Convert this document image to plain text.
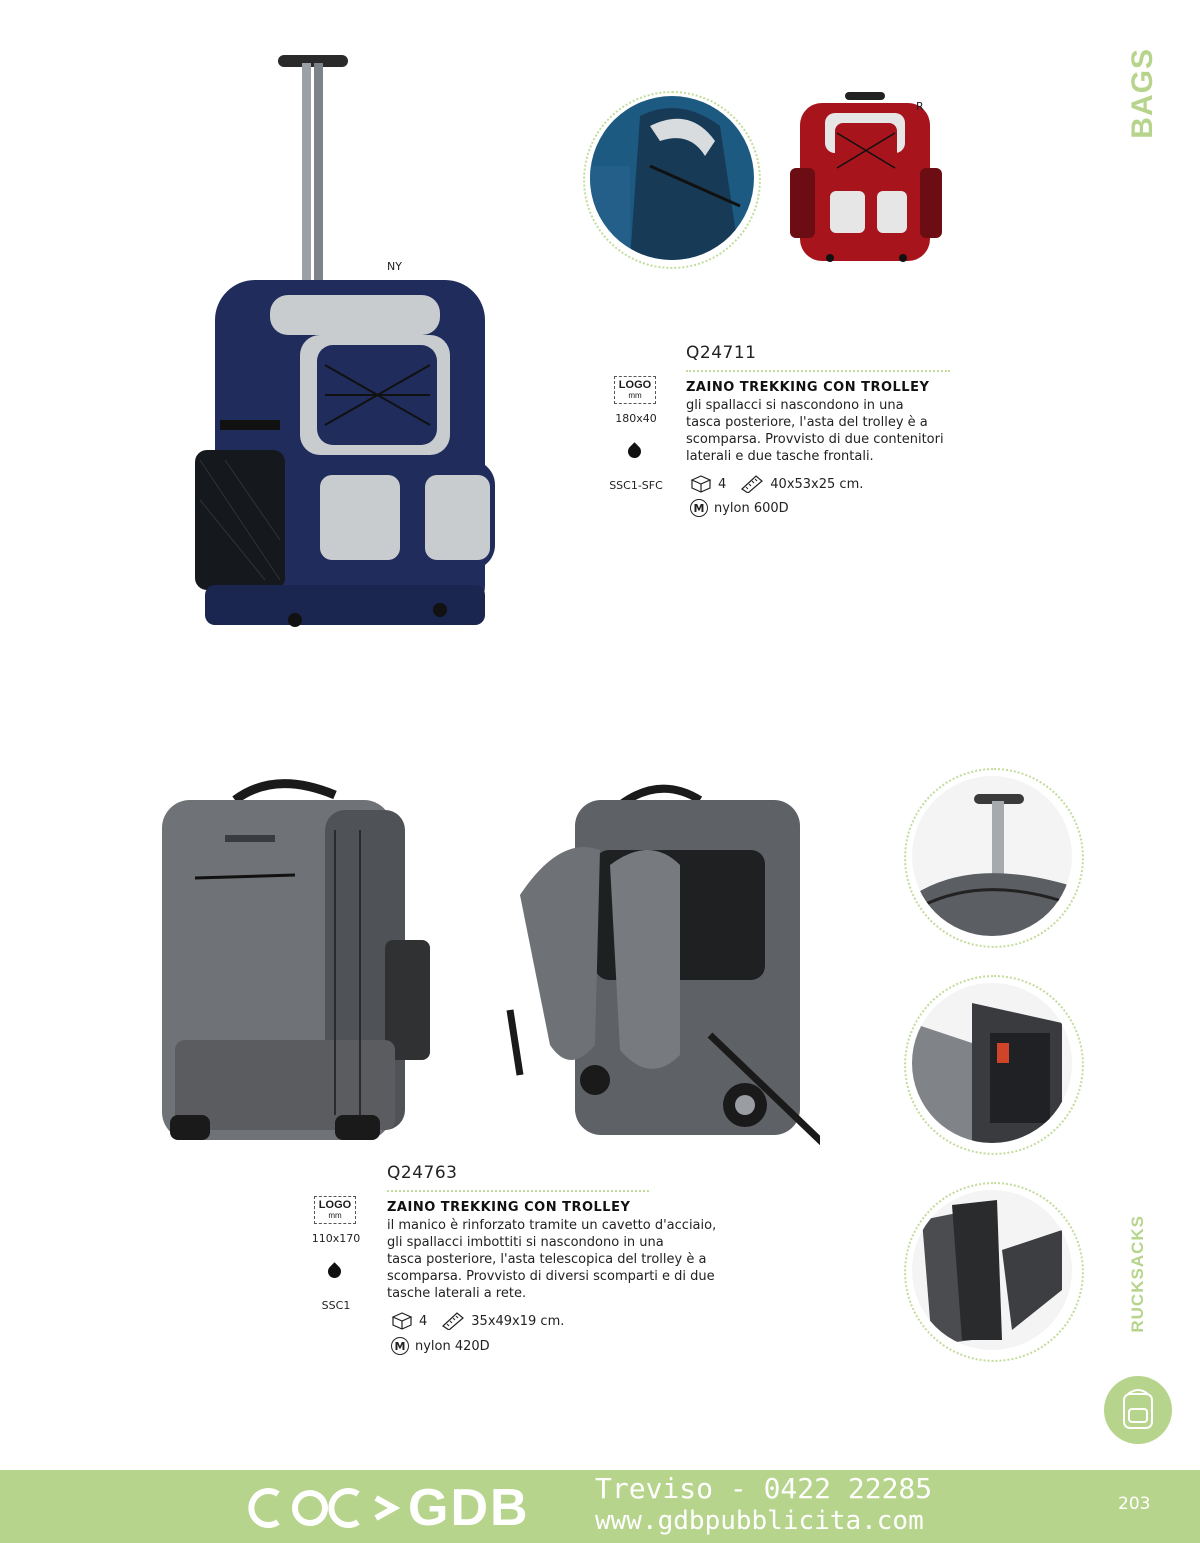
BAGS
RUCKSACKS
NY
R
Q24711
LOGO
mm
180x40
SSC1-SFC
ZAINO TREKKING CON TROLLEY
gli spallacci si nascondono in una
tasca posteriore, l'asta del trolley è a
scomparsa. Provvisto di due contenitori
laterali e due tasche frontali.
4	40x53x25 cm.
M nylon 600D
Q24763
LOGO
mm
110x170
SSC1
ZAINO TREKKING CON TROLLEY
il manico è rinforzato tramite un cavetto d'acciaio,
gli spallacci imbottiti si nascondono in una
tasca posteriore, l'asta telescopica del trolley è a
scomparsa. Provvisto di diversi scomparti e di due
tasche laterali a rete.
4	35x49x19 cm.
M nylon 420D
GDB Treviso - 0422 22285
www.gdbpubblicita.com
203
